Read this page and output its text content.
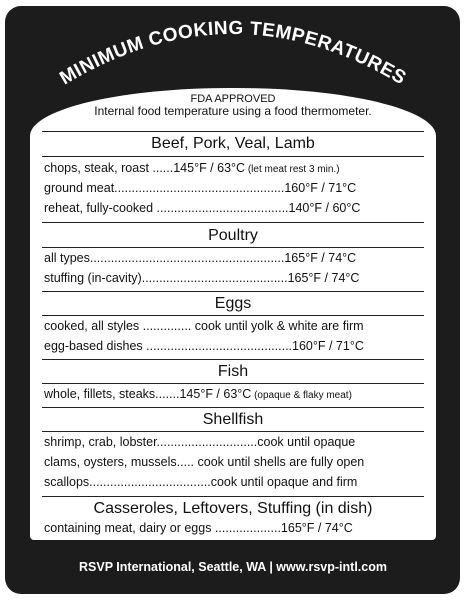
MINIMUM COOKING TEMPERATURES
FDA APPROVED
Internal food temperature using a food thermometer.
Beef, Pork, Veal, Lamb
chops, steak, roast ......145°F / 63°C (let meat rest 3 min.)
ground meat.................................................160°F / 71°C
reheat, fully-cooked ......................................140°F / 60°C
Poultry
all types........................................................165°F / 74°C
stuffing (in-cavity)..........................................165°F / 74°C
Eggs
cooked, all styles .............. cook until yolk & white are firm
egg-based dishes ..........................................160°F / 71°C
Fish
whole, fillets, steaks.......145°F / 63°C (opaque & flaky meat)
Shellfish
shrimp, crab, lobster.............................cook until opaque
clams, oysters, mussels..... cook until shells are fully open
scallops...................................cook until opaque and firm
Casseroles, Leftovers, Stuffing (in dish)
containing meat, dairy or eggs ...................165°F / 74°C
RSVP International, Seattle, WA | www.rsvp-intl.com
